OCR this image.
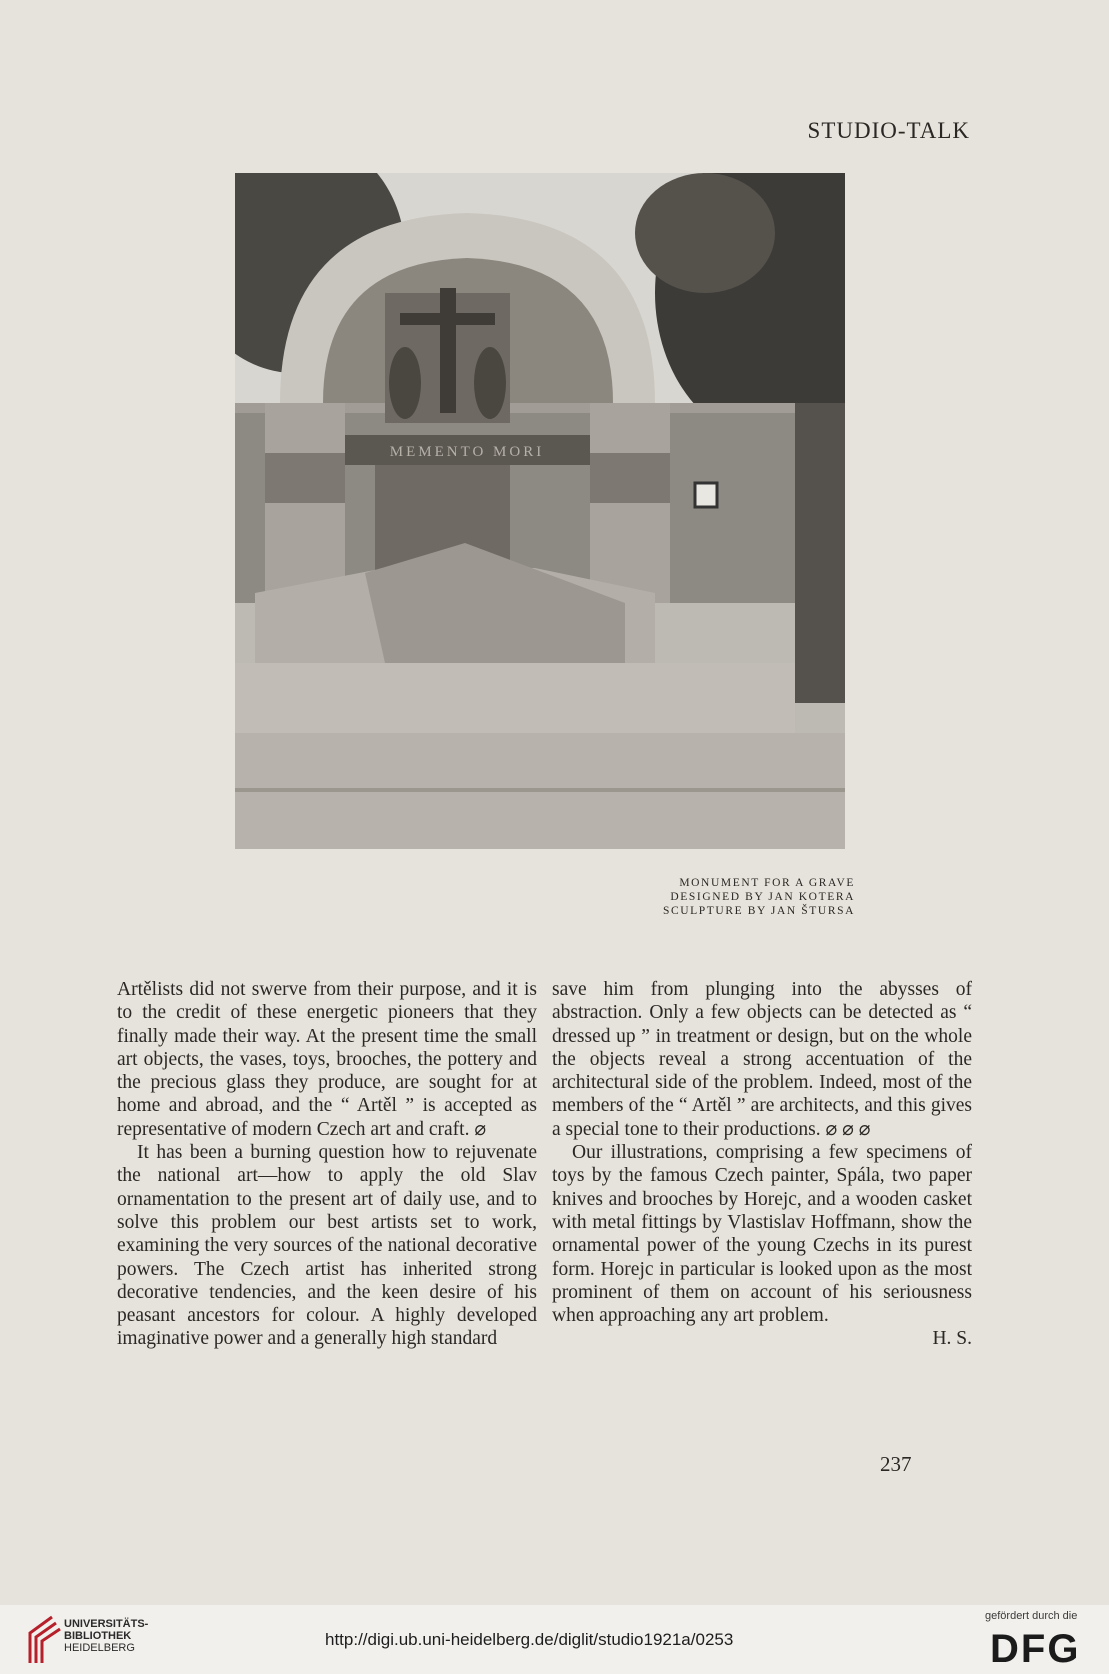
STUDIO-TALK
MEMENTO MORI
MONUMENT FOR A GRAVE
DESIGNED BY JAN KOTERA
SCULPTURE BY JAN ŠTURSA

Artělists did not swerve from their purpose, and it is to the credit of these energetic pioneers that they finally made their way. At the present time the small art objects, the vases, toys, brooches, the pottery and the precious glass they produce, are sought for at home and abroad, and the “ Artěl ” is accepted as representative of modern Czech art and craft. ⌀

It has been a burning question how to rejuvenate the national art—how to apply the old Slav ornamentation to the present art of daily use, and to solve this problem our best artists set to work, examining the very sources of the national decorative powers. The Czech artist has inherited strong decorative tendencies, and the keen desire of his peasant ancestors for colour. A highly developed imaginative power and a generally high standard

save him from plunging into the abysses of abstraction. Only a few objects can be detected as “ dressed up ” in treatment or design, but on the whole the objects reveal a strong accentuation of the architectural side of the problem. Indeed, most of the members of the “ Artěl ” are architects, and this gives a special tone to their productions. ⌀ ⌀ ⌀

Our illustrations, comprising a few specimens of toys by the famous Czech painter, Spála, two paper knives and brooches by Horejc, and a wooden casket with metal fittings by Vlastislav Hoffmann, show the ornamental power of the young Czechs in its purest form. Horejc in particular is looked upon as the most prominent of them on account of his seriousness when approaching any art problem.

H. S.

237
UNIVERSITÄTS-
BIBLIOTHEK
HEIDELBERG	http://digi.ub.uni-heidelberg.de/diglit/studio1921a/0253
gefördert durch die
DFG
